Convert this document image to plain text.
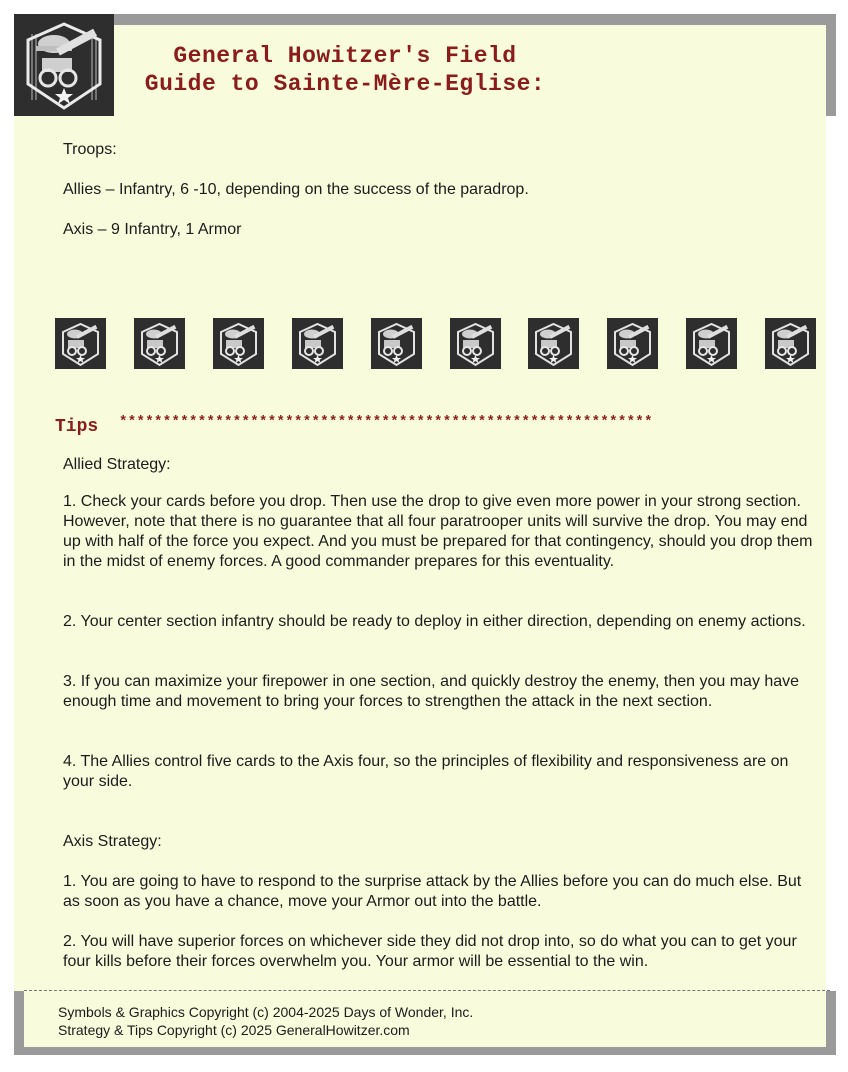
General Howitzer's Field
Guide to Sainte-Mère-Eglise:
Troops:
Allies – Infantry, 6 -10, depending on the success of the paradrop.
Axis – 9 Infantry, 1 Armor
Tips *************************************************************
Allied Strategy:
1. Check your cards before you drop. Then use the drop to give even more power in your strong section. However, note that there is no guarantee that all four paratrooper units will survive the drop. You may end up with half of the force you expect. And you must be prepared for that contingency, should you drop them in the midst of enemy forces. A good commander prepares for this eventuality.
2. Your center section infantry should be ready to deploy in either direction, depending on enemy actions.
3. If you can maximize your firepower in one section, and quickly destroy the enemy, then you may have enough time and movement to bring your forces to strengthen the attack in the next section.
4. The Allies control five cards to the Axis four, so the principles of flexibility and responsiveness are on your side.
Axis Strategy:
1. You are going to have to respond to the surprise attack by the Allies before you can do much else. But as soon as you have a chance, move your Armor out into the battle.
2. You will have superior forces on whichever side they did not drop into, so do what you can to get your four kills before their forces overwhelm you. Your armor will be essential to the win.
Symbols & Graphics Copyright (c) 2004-2025 Days of Wonder, Inc.
Strategy & Tips Copyright (c) 2025 GeneralHowitzer.com
